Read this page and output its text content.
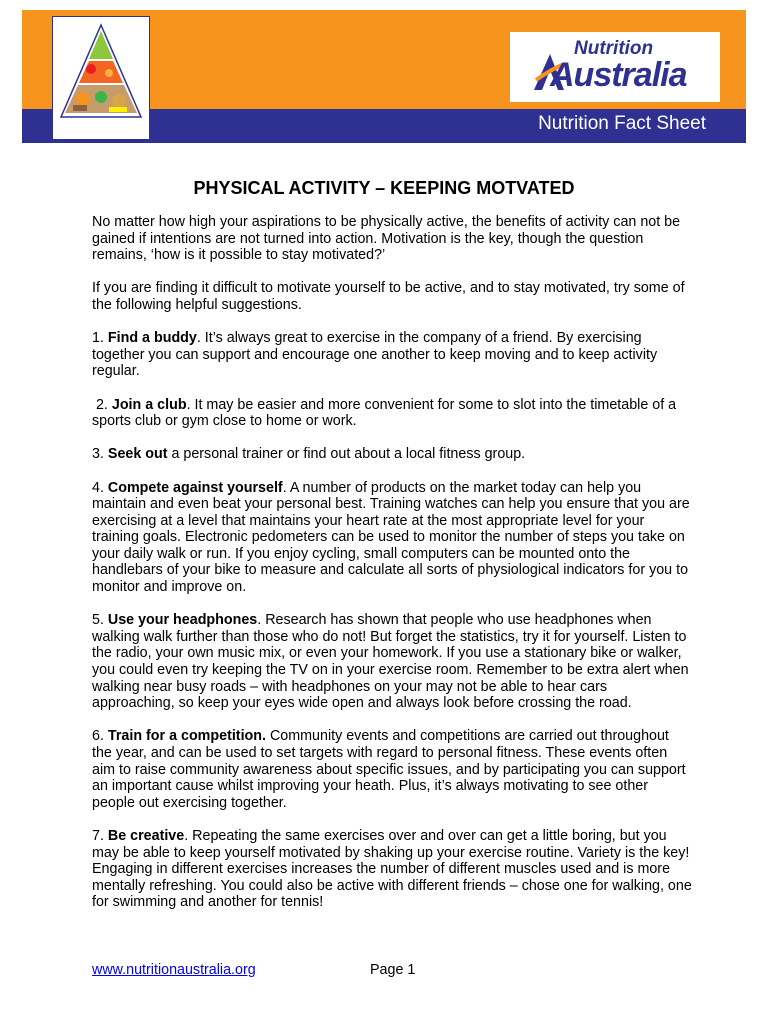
Nutrition Fact Sheet
Nutrition
Australia
PHYSICAL ACTIVITY – KEEPING MOTVATED

No matter how high your aspirations to be physically active, the benefits of activity can not be gained if intentions are not turned into action. Motivation is the key, though the question remains, ‘how is it possible to stay motivated?’

If you are finding it difficult to motivate yourself to be active, and to stay motivated, try some of the following helpful suggestions.

1. Find a buddy. It’s always great to exercise in the company of a friend. By exercising together you can support and encourage one another to keep moving and to keep activity regular.

2. Join a club. It may be easier and more convenient for some to slot into the timetable of a sports club or gym close to home or work.

3. Seek out a personal trainer or find out about a local fitness group.

4. Compete against yourself. A number of products on the market today can help you maintain and even beat your personal best. Training watches can help you ensure that you are exercising at a level that maintains your heart rate at the most appropriate level for your training goals. Electronic pedometers can be used to monitor the number of steps you take on your daily walk or run. If you enjoy cycling, small computers can be mounted onto the handlebars of your bike to measure and calculate all sorts of physiological indicators for you to monitor and improve on.

5. Use your headphones. Research has shown that people who use headphones when walking walk further than those who do not! But forget the statistics, try it for yourself. Listen to the radio, your own music mix, or even your homework. If you use a stationary bike or walker, you could even try keeping the TV on in your exercise room. Remember to be extra alert when walking near busy roads – with headphones on your may not be able to hear cars approaching, so keep your eyes wide open and always look before crossing the road.

6. Train for a competition. Community events and competitions are carried out throughout the year, and can be used to set targets with regard to personal fitness. These events often aim to raise community awareness about specific issues, and by participating you can support an important cause whilst improving your heath. Plus, it’s always motivating to see other people out exercising together.

7. Be creative. Repeating the same exercises over and over can get a little boring, but you may be able to keep yourself motivated by shaking up your exercise routine. Variety is the key! Engaging in different exercises increases the number of different muscles used and is more mentally refreshing. You could also be active with different friends – chose one for walking, one for swimming and another for tennis!

www.nutritionaustralia.org	Page 1
